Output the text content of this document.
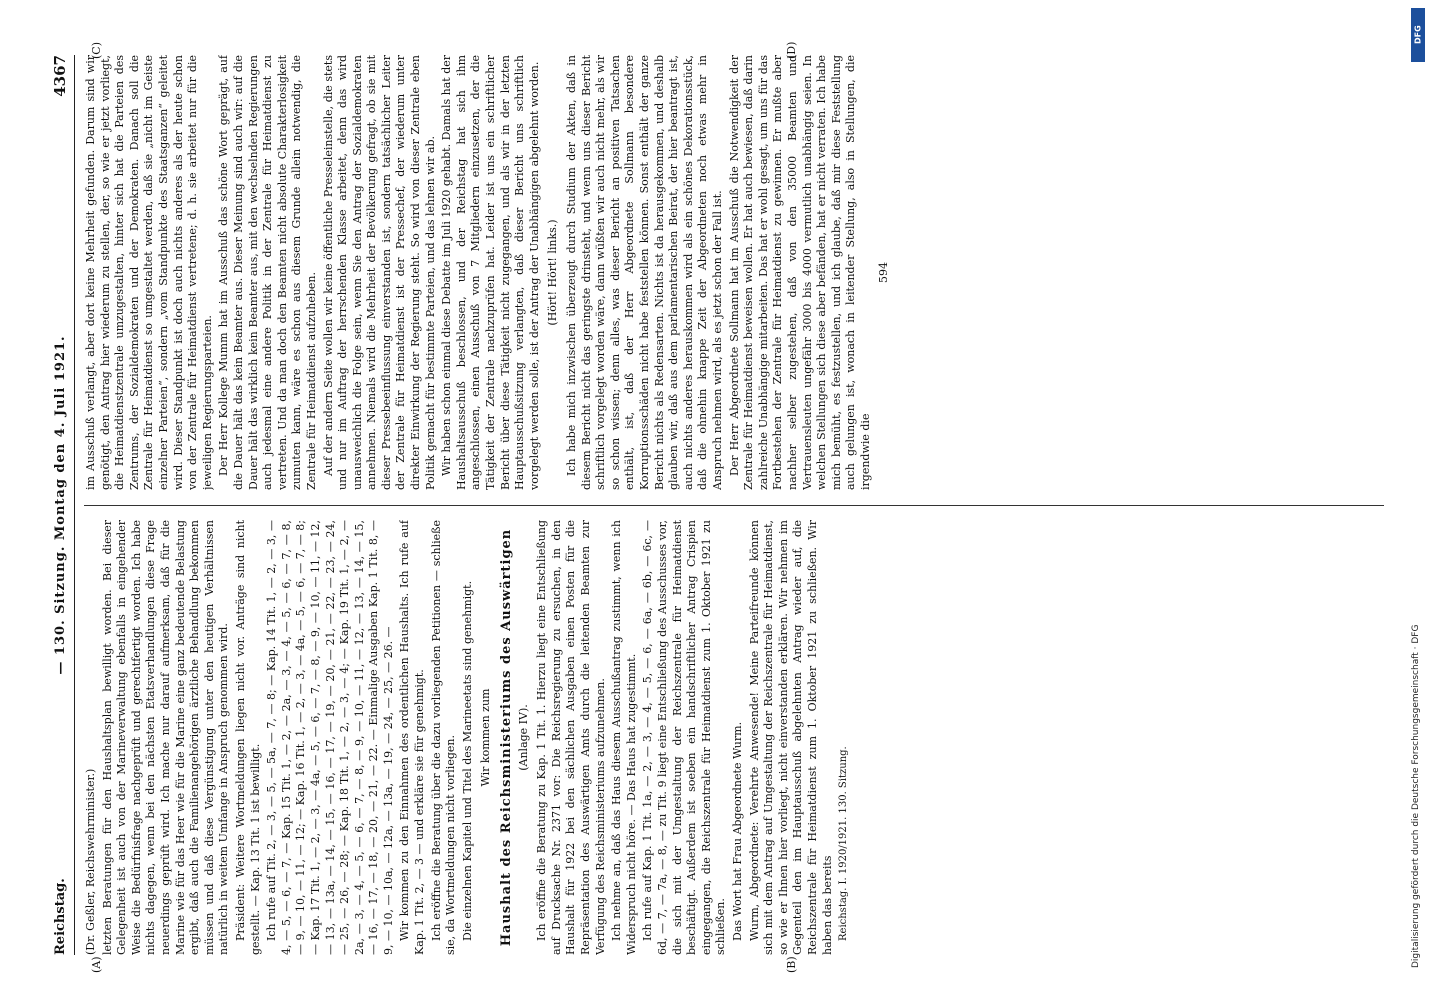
Reichstag.
— 130. Sitzung. Montag den 4. Juli 1921.
4367

(Dr. Geßler, Reichswehrminister.) letzten Beratungen für den Haushaltsplan bewilligt worden. Bei dieser Gelegenheit ist auch von der Marineverwaltung ebenfalls in eingehender Weise die Bedürfnisfrage nachgeprüft und gerechtfertigt worden. Ich habe nichts dagegen, wenn bei den nächsten Etatsverhandlungen diese Frage neuerdings geprüft wird. Ich mache nur darauf aufmerksam, daß für die Marine wie für das Heer wie für die Marine eine ganz bedeutende Belastung ergibt, daß auch die Familienangehörigen ärztliche Behandlung bekommen müssen und daß diese Vergünstigung unter den heutigen Verhältnissen natürlich in weitem Umfange in Anspruch genommen wird. Präsident: Weitere Wortmeldungen liegen nicht vor. Anträge sind nicht gestellt. — Kap. 13 Tit. 1 ist bewilligt. Ich rufe auf Tit. 2, — 3, — 5, — 5a, — 7, — 8; — Kap. 14 Tit. 1, — 2, — 3, — 4, — 5, — 6, — 7, — Kap. 15 Tit. 1, — 2, — 2a, — 3, — 4, — 5, — 6, — 7, — 8, — 9, — 10, — 11, — 12; — Kap. 16 Tit. 1, — 2, — 3, — 4a, — 5, — 6, — 7, — 8; — Kap. 17 Tit. 1, — 2, — 3, — 4a, — 5, — 6, — 7, — 8, — 9, — 10, — 11, — 12, — 13, — 13a, — 14, — 15, — 16, — 17, — 19, — 20, — 21, — 22, — 23, — 24, — 25, — 26, — 28; — Kap. 18 Tit. 1, — 2, — 3, — 4; — Kap. 19 Tit. 1, — 2, — 2a, — 3, — 4, — 5, — 6, — 7, — 8, — 9, — 10, — 11, — 12, — 13, — 14, — 15, — 16, — 17, — 18, — 20, — 21, — 22. — Einmalige Ausgaben Kap. 1 Tit. 8, — 9, — 10, — 10a, — 12a, — 13a, — 19, — 24, — 25, — 26. — Wir kommen zu den Einnahmen des ordentlichen Haushalts. Ich rufe auf Kap. 1 Tit. 2, — 3 — und erkläre sie für genehmigt. Ich eröffne die Beratung über die dazu vorliegenden Petitionen — schließe sie, da Wortmeldungen nicht vorliegen. Die einzelnen Kapitel und Titel des Marineetats sind genehmigt. Wir kommen zum Haushalt des Reichsministeriums des Auswärtigen (Anlage IV). Ich eröffne die Beratung zu Kap. 1 Tit. 1. Hierzu liegt eine Entschließung auf Drucksache Nr. 2371 vor: Die Reichsregierung zu ersuchen, in den Haushalt für 1922 bei den sächlichen Ausgaben einen Posten für die Repräsentation des Auswärtigen Amts durch die leitenden Beamten zur Verfügung des Reichsministeriums aufzunehmen. Ich nehme an, daß das Haus diesem Ausschußantrag zustimmt, wenn ich Widerspruch nicht höre. — Das Haus hat zugestimmt. Ich rufe auf Kap. 1 Tit. 1a, — 2, — 3, — 4, — 5, — 6, — 6a, — 6b, — 6c, — 6d, — 7, — 7a, — 8, — zu Tit. 9 liegt eine Entschließung des Ausschusses vor, die sich mit der Umgestaltung der Reichszentrale für Heimatdienst beschäftigt. Außerdem ist soeben ein handschriftlicher Antrag Crispien eingegangen, die Reichszentrale für Heimatdienst zum 1. Oktober 1921 zu schließen. Das Wort hat Frau Abgeordnete Wurm. Wurm, Abgeordnete: Verehrte Anwesende! Meine Parteifreunde können sich mit dem Antrag auf Umgestaltung der Reichszentrale für Heimatdienst, so wie er Ihnen hier vorliegt, nicht einverstanden erklären. Wir nehmen im Gegenteil den im Hauptausschuß abgelehnten Antrag wieder auf, die Reichszentrale für Heimatdienst zum 1. Oktober 1921 zu schließen. Wir haben das bereits Reichstag. I. 1920/1921. 130. Sitzung.

im Ausschuß verlangt, aber dort keine Mehrheit gefunden. Darum sind wir genötigt, den Antrag hier wiederum zu stellen, der, so wie er jetzt vorliegt, die Heimatdienstzentrale umzugestalten, hinter sich hat die Parteien des Zentrums, der Sozialdemokraten und der Demokraten. Danach soll die Zentrale für Heimatdienst so umgestaltet werden, daß sie „nicht im Geiste einzelner Parteien“, sondern „vom Standpunkte des Staatsganzen“ geleitet wird. Dieser Standpunkt ist doch auch nichts anderes als der heute schon von der Zentrale für Heimatdienst vertretene; d. h. sie arbeitet nur für die jeweiligen Regierungsparteien. Der Herr Kollege Mumm hat im Ausschuß das schöne Wort geprägt, auf die Dauer hält das kein Beamter aus. Dieser Meinung sind auch wir: auf die Dauer hält das wirklich kein Beamter aus, mit den wechselnden Regierungen auch jedesmal eine andere Politik in der Zentrale für Heimatdienst zu vertreten. Und da man doch den Beamten nicht absolute Charakterlosigkeit zumuten kann, wäre es schon aus diesem Grunde allein notwendig, die Zentrale für Heimatdienst aufzuheben. Auf der andern Seite wollen wir keine öffentliche Presseleinstelle, die stets und nur im Auftrag der herrschenden Klasse arbeitet, denn das wird unausweichlich die Folge sein, wenn Sie den Antrag der Sozialdemokraten annehmen. Niemals wird die Mehrheit der Bevölkerung gefragt, ob sie mit dieser Pressebeeinflussung einverstanden ist, sondern tatsächlicher Leiter der Zentrale für Heimatdienst ist der Pressechef, der wiederum unter direkter Einwirkung der Regierung steht. So wird von dieser Zentrale eben Politik gemacht für bestimmte Parteien, und das lehnen wir ab. Wir haben schon einmal diese Debatte im Juli 1920 gehabt. Damals hat der Haushaltsausschuß beschlossen, und der Reichstag hat sich ihm angeschlossen, einen Ausschuß von 7 Mitgliedern einzusetzen, der die Tätigkeit der Zentrale nachzuprüfen hat. Leider ist uns ein schriftlicher Bericht über diese Tätigkeit nicht zugegangen, und als wir in der letzten Hauptausschußsitzung verlangten, daß dieser Bericht uns schriftlich vorgelegt werden solle, ist der Antrag der Unabhängigen abgelehnt worden. (Hört! Hört! links.) Ich habe mich inzwischen überzeugt durch Studium der Akten, daß in diesem Bericht nicht das geringste drinsteht, und wenn uns dieser Bericht schriftlich vorgelegt worden wäre, dann wüßten wir auch nicht mehr, als wir so schon wissen; denn alles, was dieser Bericht an positiven Tatsachen enthält, ist, daß der Herr Abgeordnete Sollmann besondere Korruptionsschäden nicht habe feststellen können. Sonst enthält der ganze Bericht nichts als Redensarten. Nichts ist da herausgekommen, und deshalb glauben wir, daß aus dem parlamentarischen Beirat, der hier beantragt ist, auch nichts anderes herauskommen wird als ein schönes Dekorationsstück, daß die ohnehin knappe Zeit der Abgeordneten noch etwas mehr in Anspruch nehmen wird, als es jetzt schon der Fall ist. Der Herr Abgeordnete Sollmann hat im Ausschuß die Notwendigkeit der Zentrale für Heimatdienst beweisen wollen. Er hat auch bewiesen, daß darin zahlreiche Unabhängige mitarbeiten. Das hat er wohl gesagt, um uns für das Fortbestehen der Zentrale für Heimatdienst zu gewinnen. Er mußte aber nachher selber zugestehen, daß von den 35000 Beamten und Vertrauensleuten ungefähr 3000 bis 4000 vermutlich unabhängig seien. In welchen Stellungen sich diese aber befänden, hat er nicht verraten. Ich habe mich bemüht, es festzustellen, und ich glaube, daß mir diese Feststellung auch gelungen ist, wonach in leitender Stellung, also in Stellungen, die irgendwie die

594

(A)	(B)
(C)	(D)
DFG
Digitalisierung gefördert durch die Deutsche Forschungsgemeinschaft · DFG
